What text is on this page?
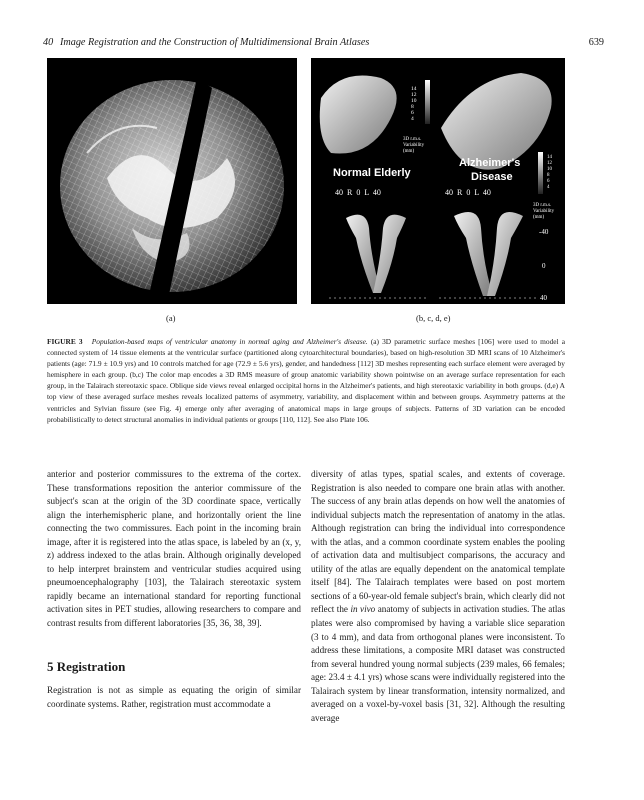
40 Image Registration and the Construction of Multidimensional Brain Atlases	639
14 12 10 8 6 4
3D r.m.s. Variability (mm)
Normal Elderly
Alzheimer's
Disease
14 12 10 8 6 4
3D r.m.s. Variability (mm)
40  R  0  L  40	40  R  0  L  40
-40
0
40
(a)	(b, c, d, e)
FIGURE 3 Population-based maps of ventricular anatomy in normal aging and Alzheimer's disease. (a) 3D parametric surface meshes [106] were used to model a connected system of 14 tissue elements at the ventricular surface (partitioned along cytoarchitectural boundaries), based on high-resolution 3D MRI scans of 10 Alzheimer's patients (age: 71.9 ± 10.9 yrs) and 10 controls matched for age (72.9 ± 5.6 yrs), gender, and handedness [112] 3D meshes representing each surface element were averaged by hemisphere in each group. (b,c) The color map encodes a 3D RMS measure of group anatomic variability shown pointwise on an average surface representation for each group, in the Talairach stereotaxic space. Oblique side views reveal enlarged occipital horns in the Alzheimer's patients, and high stereotaxic variability in both groups. (d,e) A top view of these averaged surface meshes reveals localized patterns of asymmetry, variability, and displacement within and between groups. Asymmetry patterns at the ventricles and Sylvian fissure (see Fig. 4) emerge only after averaging of anatomical maps in large groups of subjects. Patterns of 3D variation can be encoded probabilistically to detect structural anomalies in individual patients or groups [110, 112]. See also Plate 106.

anterior and posterior commissures to the extrema of the cortex. These transformations reposition the anterior commissure of the subject's scan at the origin of the 3D coordinate space, vertically align the interhemispheric plane, and horizontally orient the line connecting the two commissures. Each point in the incoming brain image, after it is registered into the atlas space, is labeled by an (x, y, z) address indexed to the atlas brain. Although originally developed to help interpret brainstem and ventricular studies acquired using pneumoencephalography [103], the Talairach stereotaxic system rapidly became an international standard for reporting functional activation sites in PET studies, allowing researchers to compare and contrast results from different laboratories [35, 36, 38, 39].

5 Registration

Registration is not as simple as equating the origin of similar coordinate systems. Rather, registration must accommodate a

diversity of atlas types, spatial scales, and extents of coverage. Registration is also needed to compare one brain atlas with another. The success of any brain atlas depends on how well the anatomies of individual subjects match the representation of anatomy in the atlas. Although registration can bring the individual into correspondence with the atlas, and a common coordinate system enables the pooling of activation data and multisubject comparisons, the accuracy and utility of the atlas are equally dependent on the anatomical template itself [84]. The Talairach templates were based on post mortem sections of a 60-year-old female subject's brain, which clearly did not reflect the in vivo anatomy of subjects in activation studies. The atlas plates were also compromised by having a variable slice separation (3 to 4 mm), and data from orthogonal planes were inconsistent. To address these limitations, a composite MRI dataset was constructed from several hundred young normal subjects (239 males, 66 females; age: 23.4 ± 4.1 yrs) whose scans were individually registered into the Talairach system by linear transformation, intensity normalized, and averaged on a voxel-by-voxel basis [31, 32]. Although the resulting average
